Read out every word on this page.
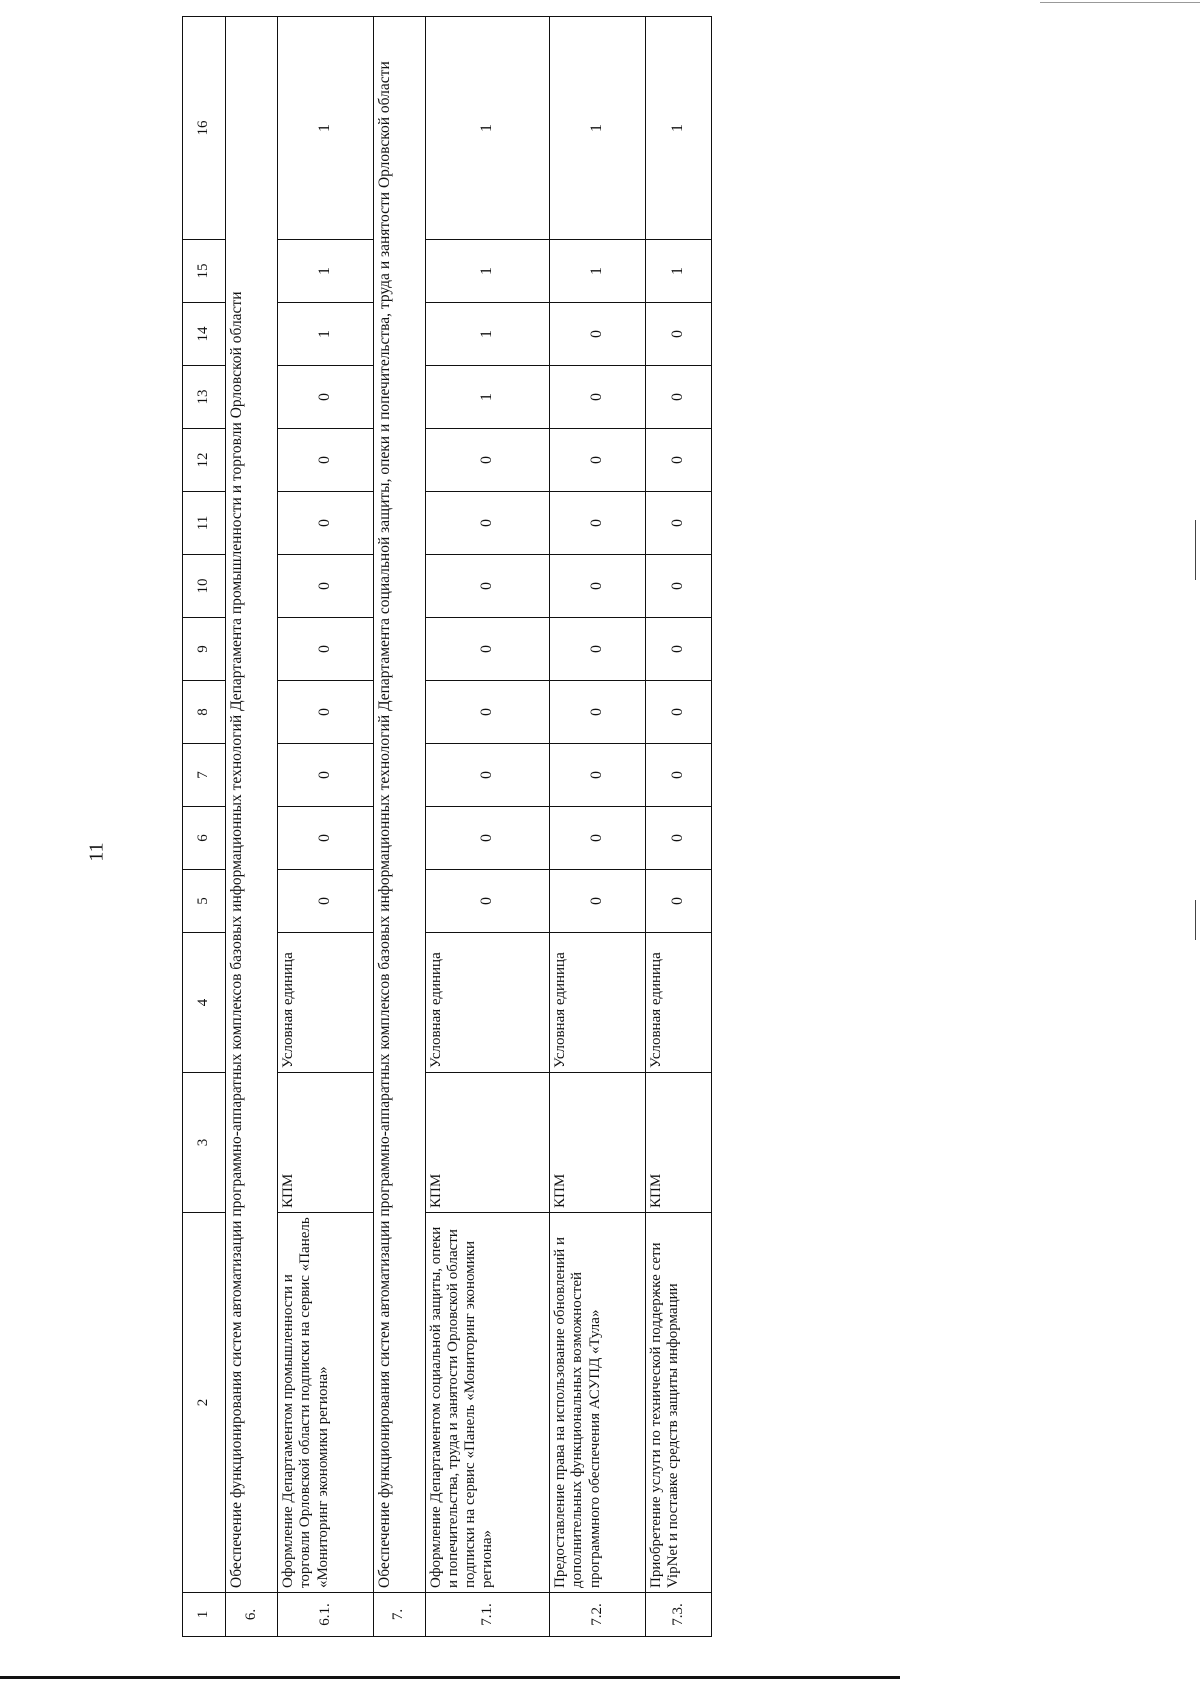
11
1	2	3	4	5	6	7	8	9	10	11	12	13	14	15	16
6.	Обеспечение функционирования систем автоматизации программно-аппаратных комплексов базовых информационных технологий Департамента промышленности и торговли Орловской области														
6.1.	Оформление Департаментом промышленности и торговли Орловской области подписки на сервис «Панель «Мониторинг экономики региона»	КПМ	Условная единица	0	0	0	0	0	0	0	0	0	1	1	1
7.	Обеспечение функционирования систем автоматизации программно-аппаратных комплексов базовых информационных технологий Департамента социальной защиты, опеки и попечительства, труда и занятости Орловской области														
7.1.	Оформление Департаментом социальной защиты, опеки и попечительства, труда и занятости Орловской области подписки на сервис «Панель «Мониторинг экономики региона»	КПМ	Условная единица	0	0	0	0	0	0	0	0	1	1	1	1
7.2.	Предоставление права на использование обновлений и дополнительных функциональных возможностей программного обеспечения АСУПД «Тула»	КПМ	Условная единица	0	0	0	0	0	0	0	0	0	0	1	1
7.3.	Приобретение услуги по технической поддержке сети VipNet и поставке средств защиты информации	КПМ	Условная единица	0	0	0	0	0	0	0	0	0	0	1	1
